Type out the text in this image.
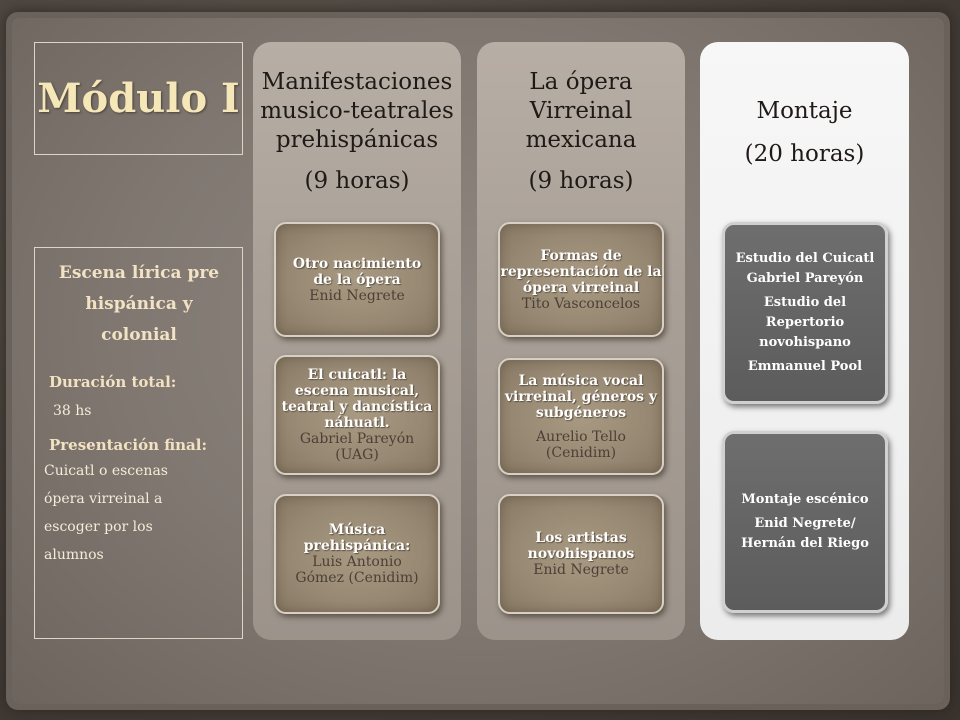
Módulo I
Escena lírica pre
hispánica y
colonial
Duración total:
38 hs
Presentación final:
Cuicatl o escenas
ópera virreinal a
escoger por los
alumnos
Manifestaciones
musico-teatrales
prehispánicas
(9 horas)
Otro nacimiento
de la ópera
Enid Negrete
El cuicatl: la
escena musical,
teatral y dancística
náhuatl.
Gabriel Pareyón
(UAG)
Música
prehispánica:
Luis Antonio
Gómez (Cenidim)
La ópera
Virreinal
mexicana
(9 horas)
Formas de
representación de la
ópera virreinal
Tito Vasconcelos
La música vocal
virreinal, géneros y
subgéneros
Aurelio Tello
(Cenidim)
Los artistas
novohispanos
Enid Negrete
Montaje
(20 horas)
Estudio del Cuicatl
Gabriel Pareyón
Estudio del
Repertorio
novohispano
Emmanuel Pool
Montaje escénico
Enid Negrete/
Hernán del Riego
